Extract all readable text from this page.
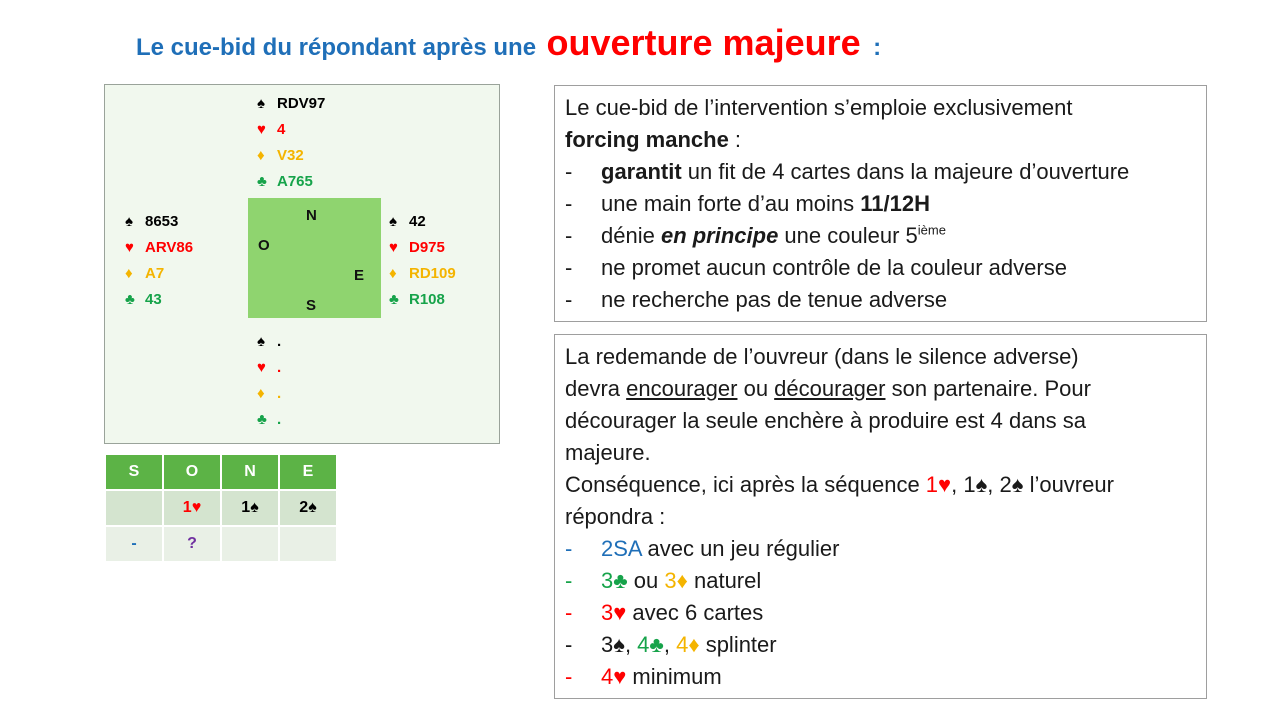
Le cue-bid du répondant après une ouverture majeure :
♠ RDV97
♥ 4
♦ V32
♣ A765
♠ 8653
♥ ARV86
♦ A7
♣ 43
N
O
E
S
♠ 42
♥ D975
♦ RD109
♣ R108
♠ .
♥ .
♦ .
♣ .
S	O	N	E
	1♥	1♠	2♠
-	?		
Le cue-bid de l’intervention s’emploie exclusivement
forcing manche :
-	garantit un fit de 4 cartes dans la majeure d’ouverture
-	une main forte d’au moins 11/12H
-	dénie en principe une couleur 5ième
-	ne promet aucun contrôle de la couleur adverse
-	ne recherche pas de tenue adverse
La redemande de l’ouvreur (dans le silence adverse)
devra encourager ou décourager son partenaire. Pour
décourager la seule enchère à produire est 4 dans sa
majeure.
Conséquence, ici après la séquence 1♥, 1♠, 2♠ l’ouvreur
répondra :
-	2SA avec un jeu régulier
-	3♣ ou 3♦ naturel
-	3♥ avec 6 cartes
-	3♠, 4♣, 4♦ splinter
-	4♥ minimum
